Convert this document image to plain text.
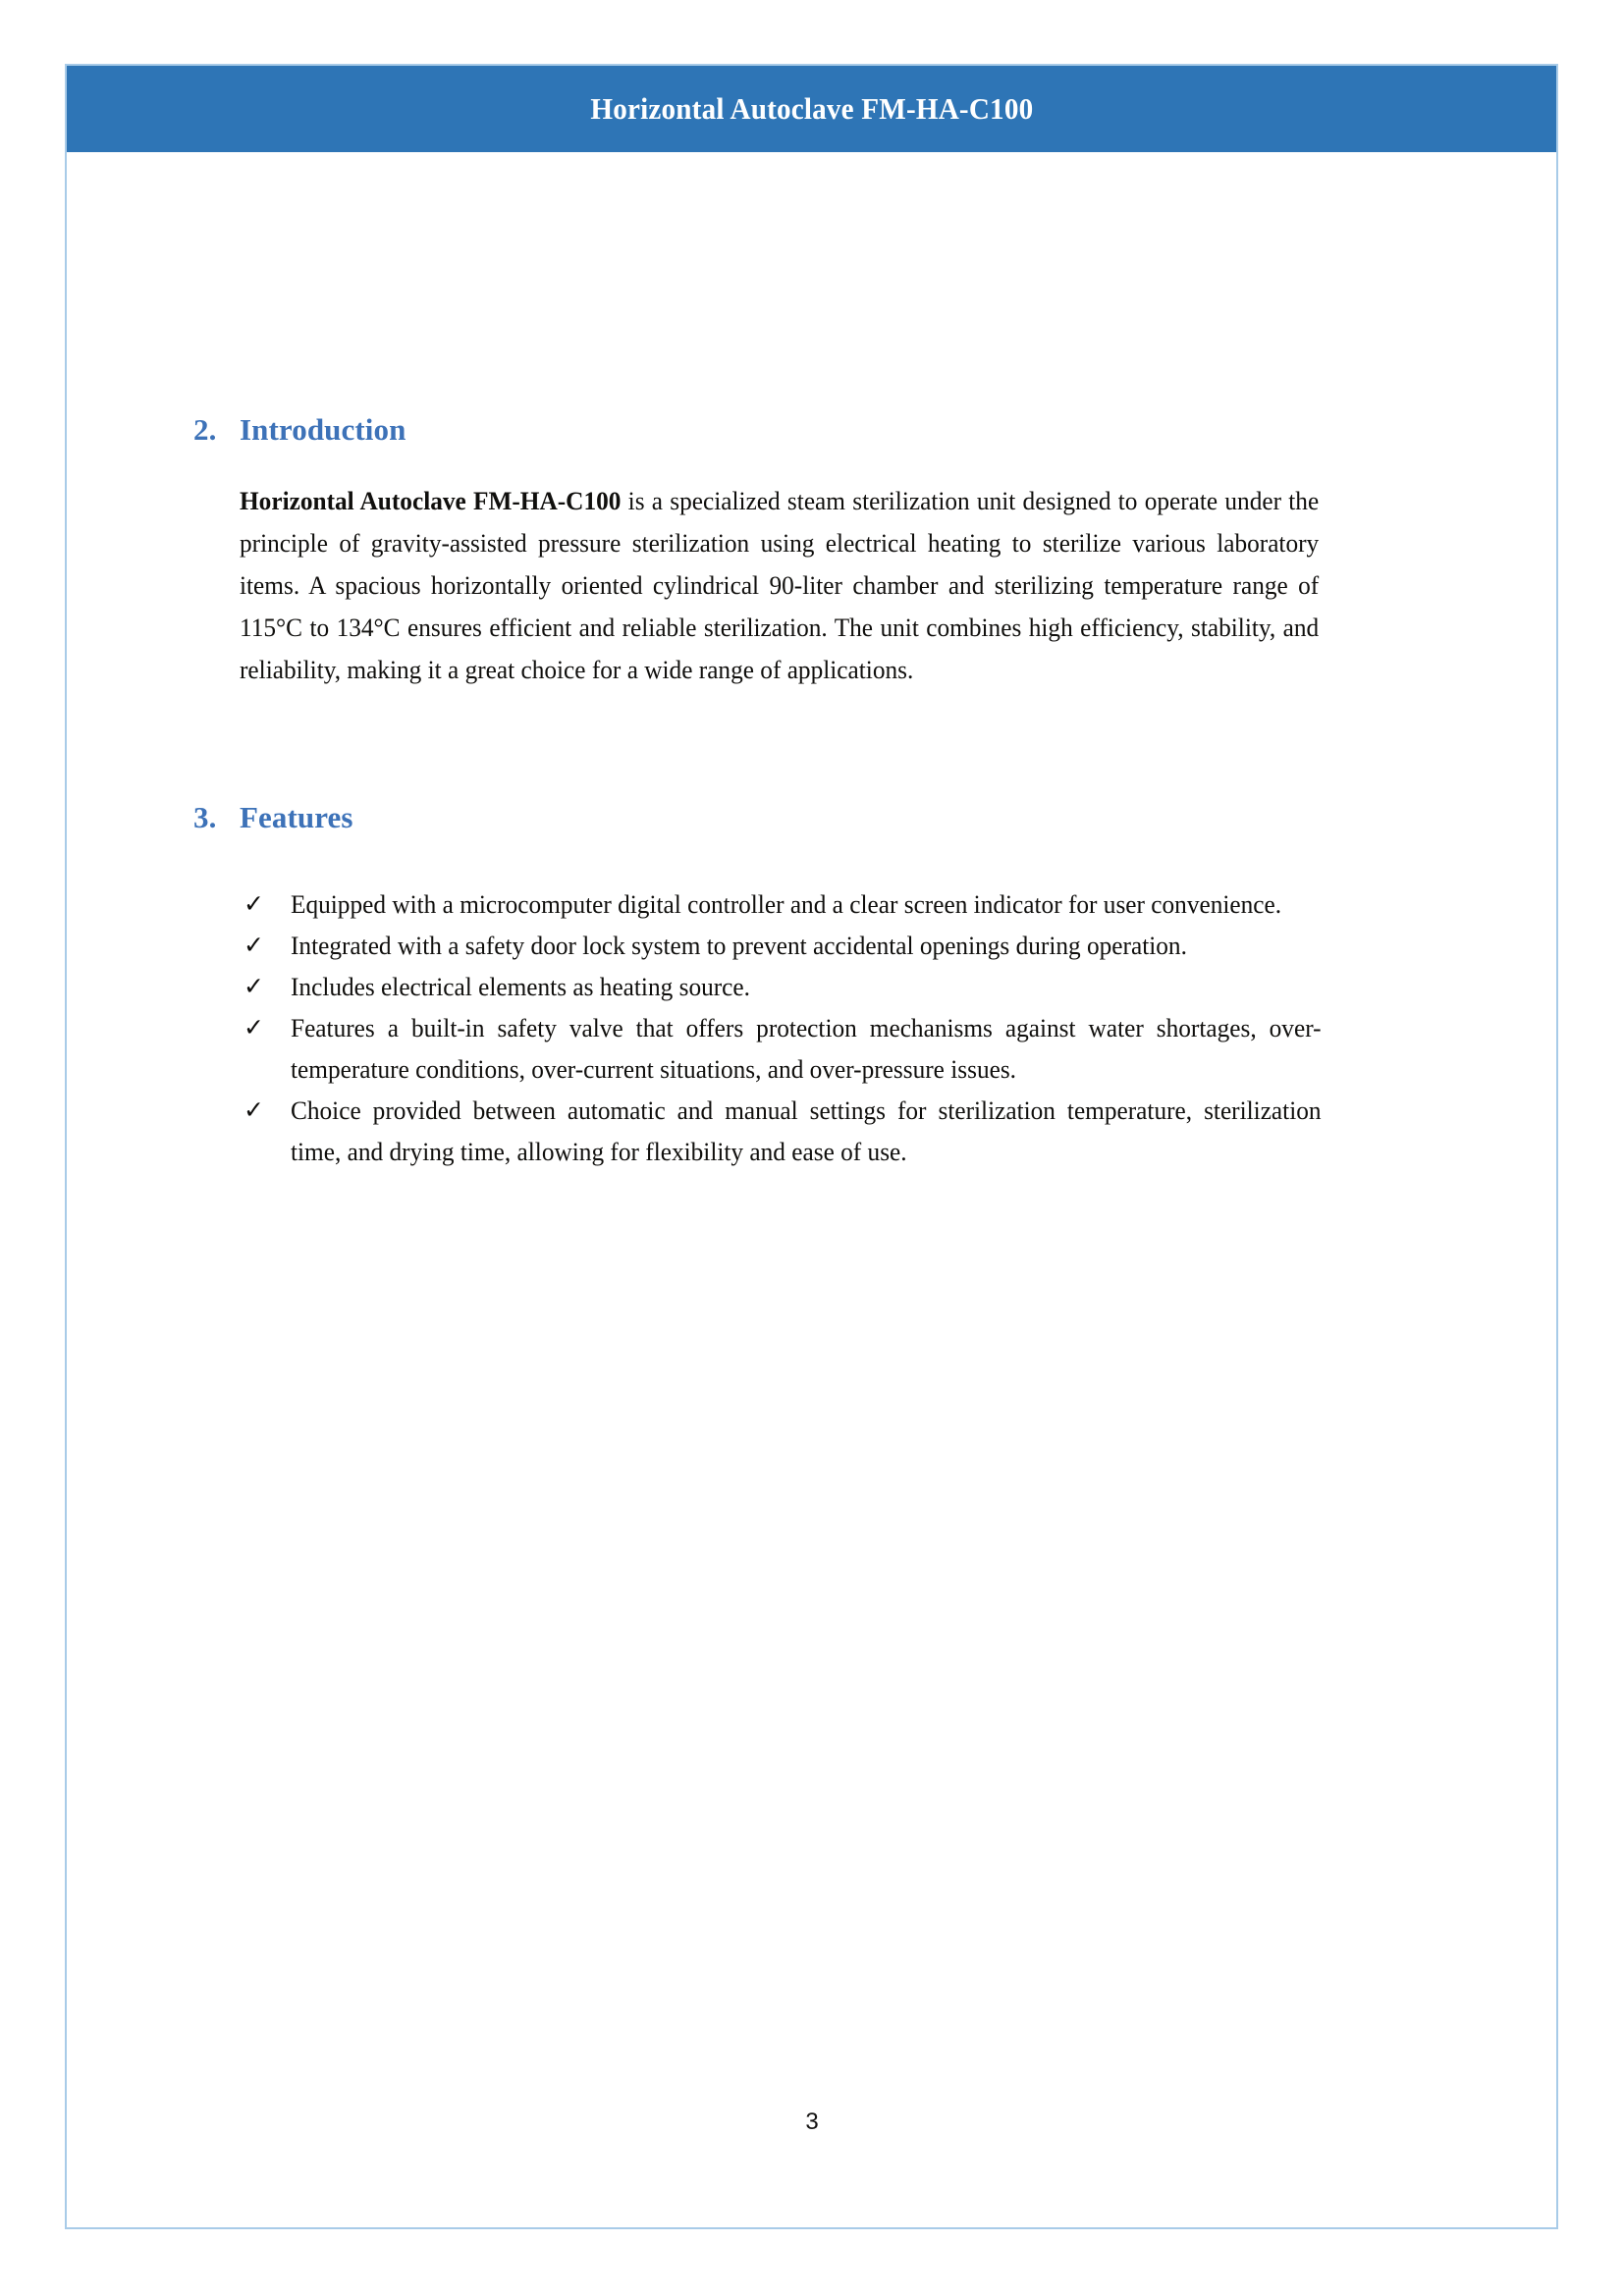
Horizontal Autoclave FM-HA-C100
2. Introduction

Horizontal Autoclave FM-HA-C100 is a specialized steam sterilization unit designed to operate under the principle of gravity-assisted pressure sterilization using electrical heating to sterilize various laboratory items. A spacious horizontally oriented cylindrical 90-liter chamber and sterilizing temperature range of 115°C to 134°C ensures efficient and reliable sterilization. The unit combines high efficiency, stability, and reliability, making it a great choice for a wide range of applications.

3. Features
✓	Equipped with a microcomputer digital controller and a clear screen indicator for user convenience.
✓	Integrated with a safety door lock system to prevent accidental openings during operation.
✓	Includes electrical elements as heating source.
✓	Features a built-in safety valve that offers protection mechanisms against water shortages, over-temperature conditions, over-current situations, and over-pressure issues.
✓	Choice provided between automatic and manual settings for sterilization temperature, sterilization time, and drying time, allowing for flexibility and ease of use.
3
